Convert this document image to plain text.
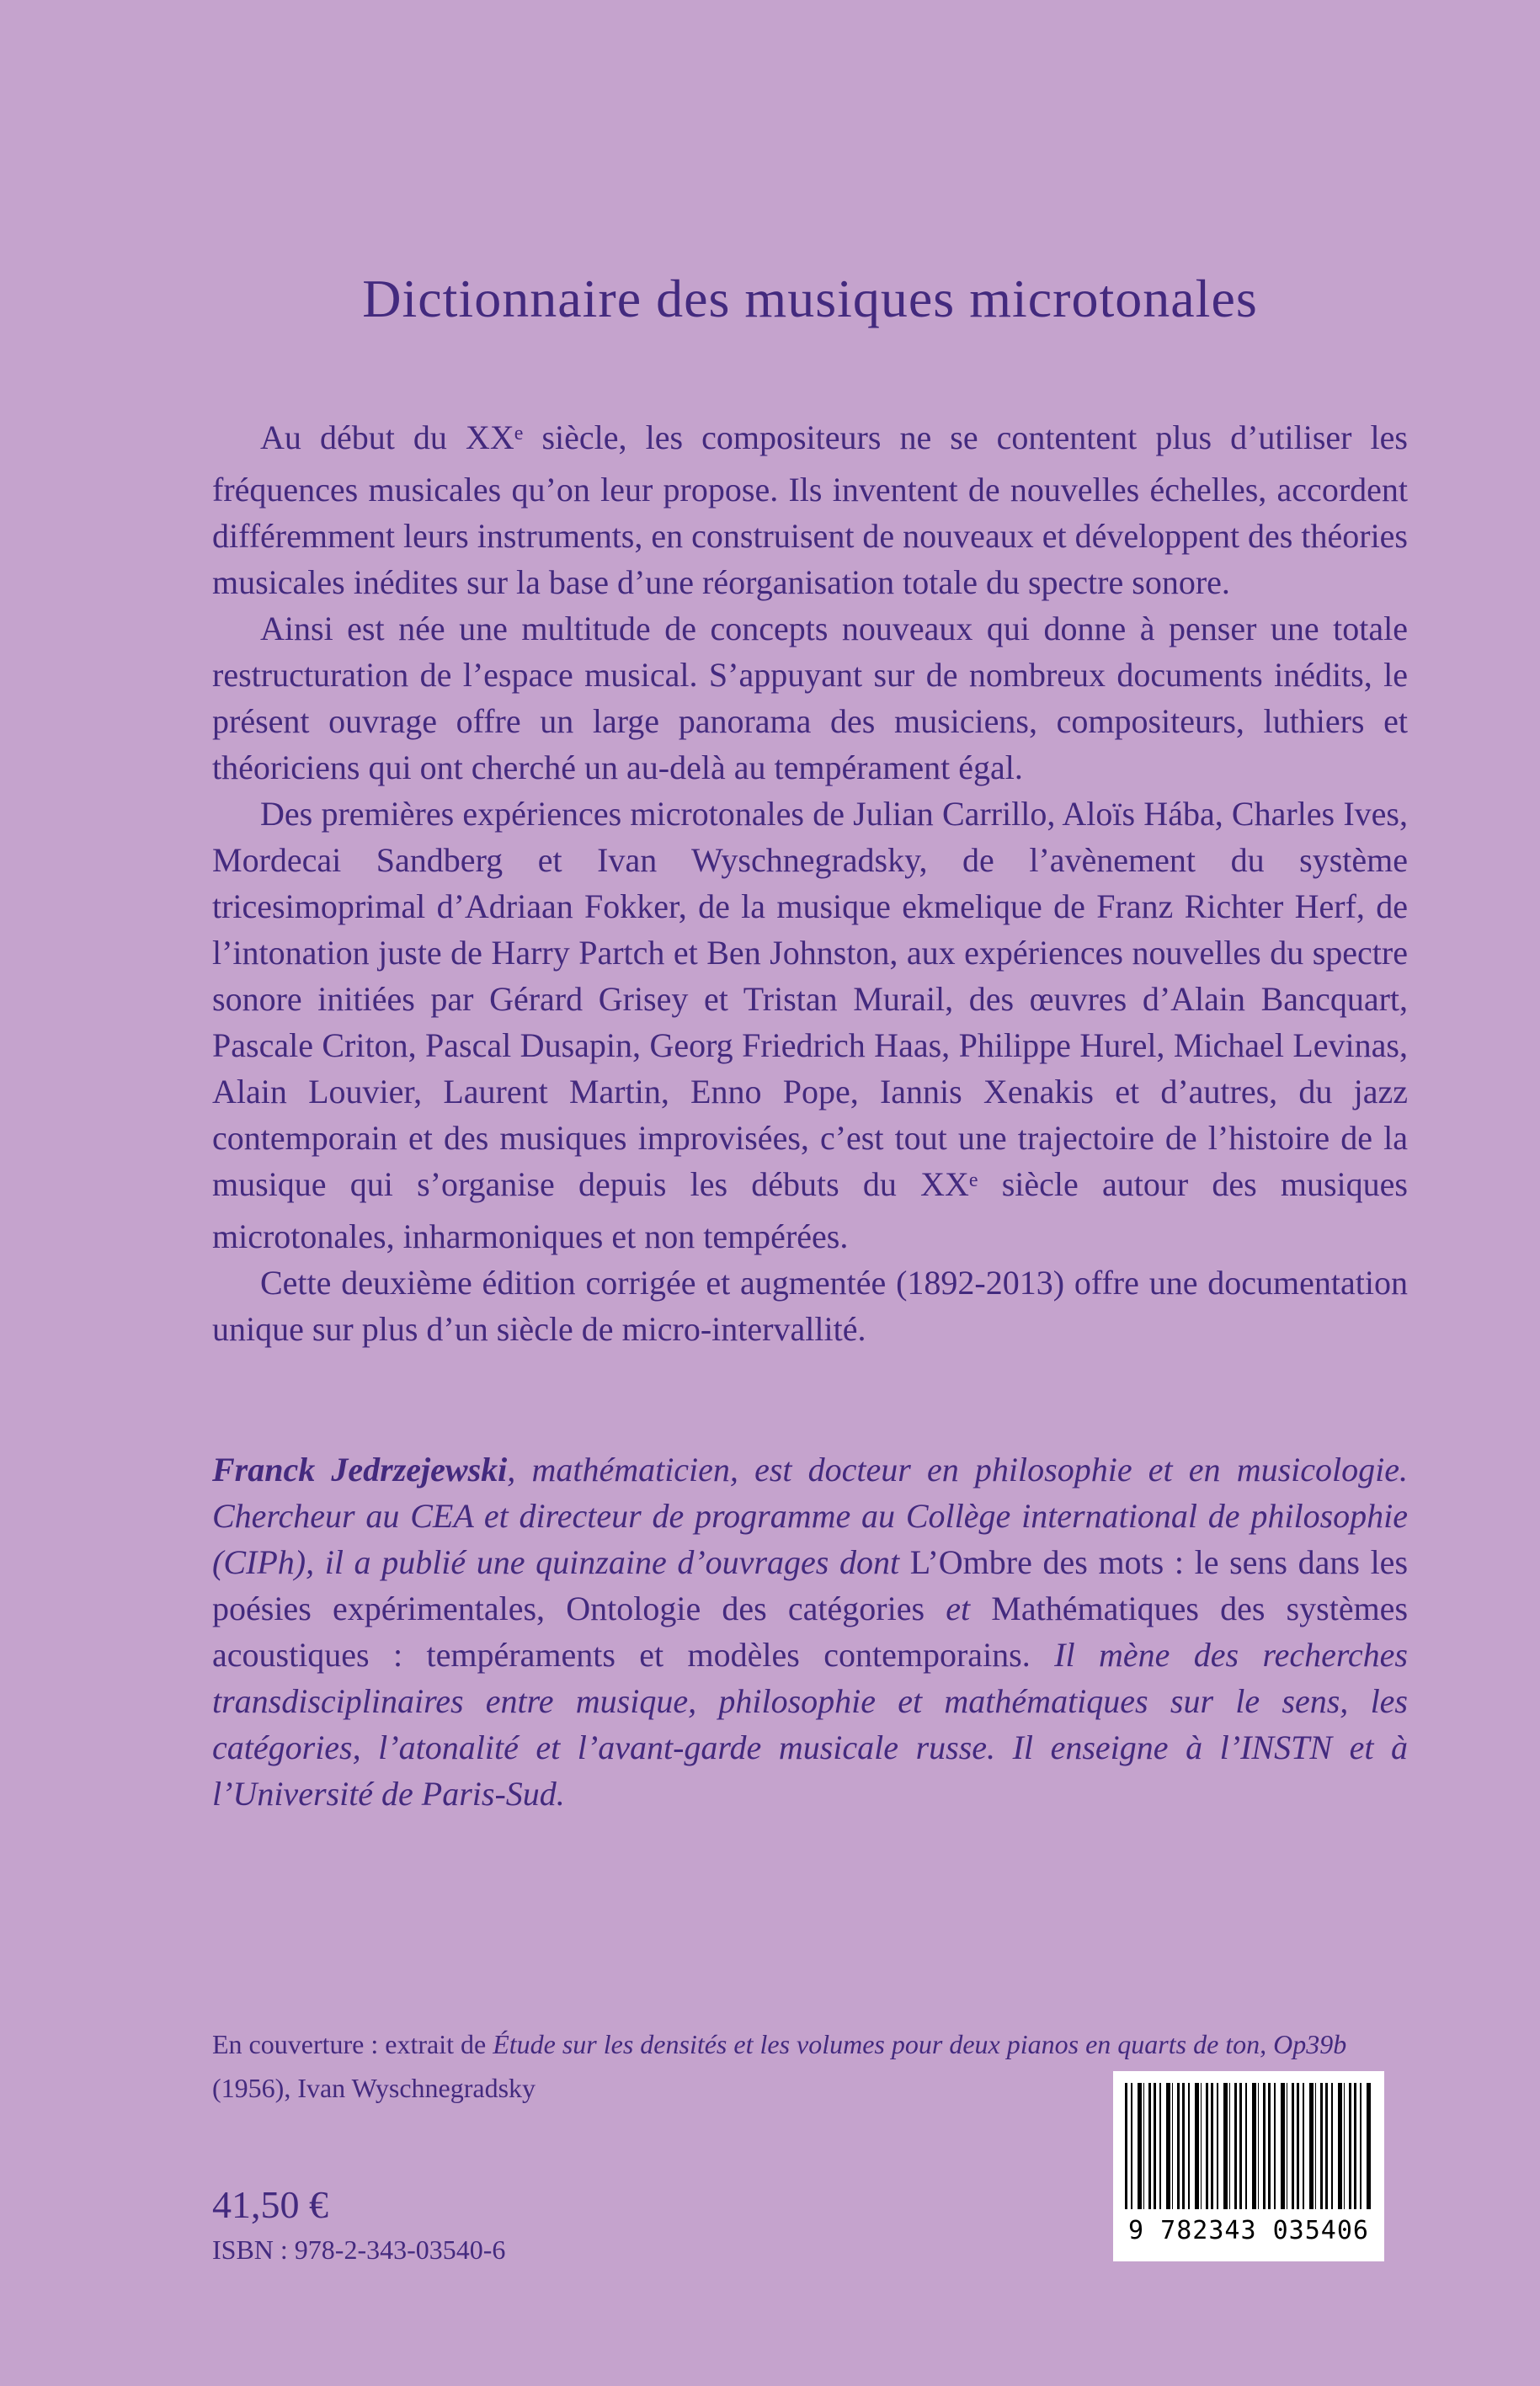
Dictionnaire des musiques microtonales

Au début du XXe siècle, les compositeurs ne se contentent plus d’utiliser les fréquences musicales qu’on leur propose. Ils inventent de nouvelles échelles, accordent différemment leurs instruments, en construisent de nouveaux et développent des théories musicales inédites sur la base d’une réorganisation totale du spectre sonore.

Ainsi est née une multitude de concepts nouveaux qui donne à penser une totale restructuration de l’espace musical. S’appuyant sur de nombreux documents inédits, le présent ouvrage offre un large panorama des musiciens, compositeurs, luthiers et théoriciens qui ont cherché un au-delà au tempérament égal.

Des premières expériences microtonales de Julian Carrillo, Aloïs Hába, Charles Ives, Mordecai Sandberg et Ivan Wyschnegradsky, de l’avènement du système tricesimoprimal d’Adriaan Fokker, de la musique ekmelique de Franz Richter Herf, de l’intonation juste de Harry Partch et Ben Johnston, aux expériences nouvelles du spectre sonore initiées par Gérard Grisey et Tristan Murail, des œuvres d’Alain Bancquart, Pascale Criton, Pascal Dusapin, Georg Friedrich Haas, Philippe Hurel, Michael Levinas, Alain Louvier, Laurent Martin, Enno Pope, Iannis Xenakis et d’autres, du jazz contemporain et des musiques improvisées, c’est tout une trajectoire de l’histoire de la musique qui s’organise depuis les débuts du XXe siècle autour des musiques microtonales, inharmoniques et non tempérées.

Cette deuxième édition corrigée et augmentée (1892-2013) offre une documentation unique sur plus d’un siècle de micro-intervallité.

Franck Jedrzejewski, mathématicien, est docteur en philosophie et en musicologie. Chercheur au CEA et directeur de programme au Collège international de philosophie (CIPh), il a publié une quinzaine d’ouvrages dont L’Ombre des mots : le sens dans les poésies expérimentales, Ontologie des catégories et Mathématiques des systèmes acoustiques : tempéraments et modèles contemporains. Il mène des recherches transdisciplinaires entre musique, philosophie et mathématiques sur le sens, les catégories, l’atonalité et l’avant-garde musicale russe. Il enseigne à l’INSTN et à l’Université de Paris-Sud.
En couverture : extrait de Étude sur les densités et les volumes pour deux pianos en quarts de ton, Op39b (1956), Ivan Wyschnegradsky
41,50 €
ISBN : 978-2-343-03540-6
9 782343 035406
